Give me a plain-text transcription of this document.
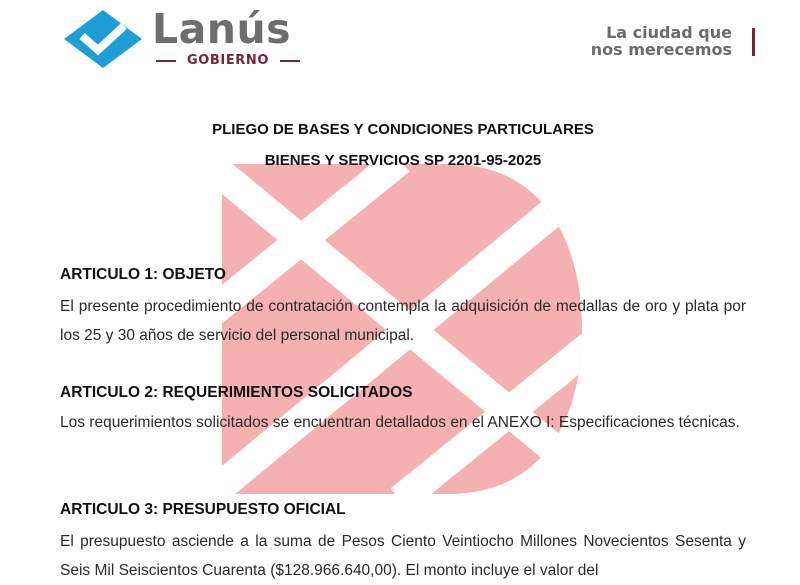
Lanús
GOBIERNO
La ciudad que
nos merecemos
PLIEGO DE BASES Y CONDICIONES PARTICULARES
BIENES Y SERVICIOS SP 2201-95-2025
ARTICULO 1: OBJETO

El presente procedimiento de contratación contempla la adquisición de medallas de oro y plata por los 25 y 30 años de servicio del personal municipal.

ARTICULO 2: REQUERIMIENTOS SOLICITADOS

Los requerimientos solicitados se encuentran detallados en el ANEXO I: Especificaciones técnicas.

ARTICULO 3: PRESUPUESTO OFICIAL

El presupuesto asciende a la suma de Pesos Ciento Veintiocho Millones Novecientos Sesenta y Seis Mil Seiscientos Cuarenta ($128.966.640,00). El monto incluye el valor del
